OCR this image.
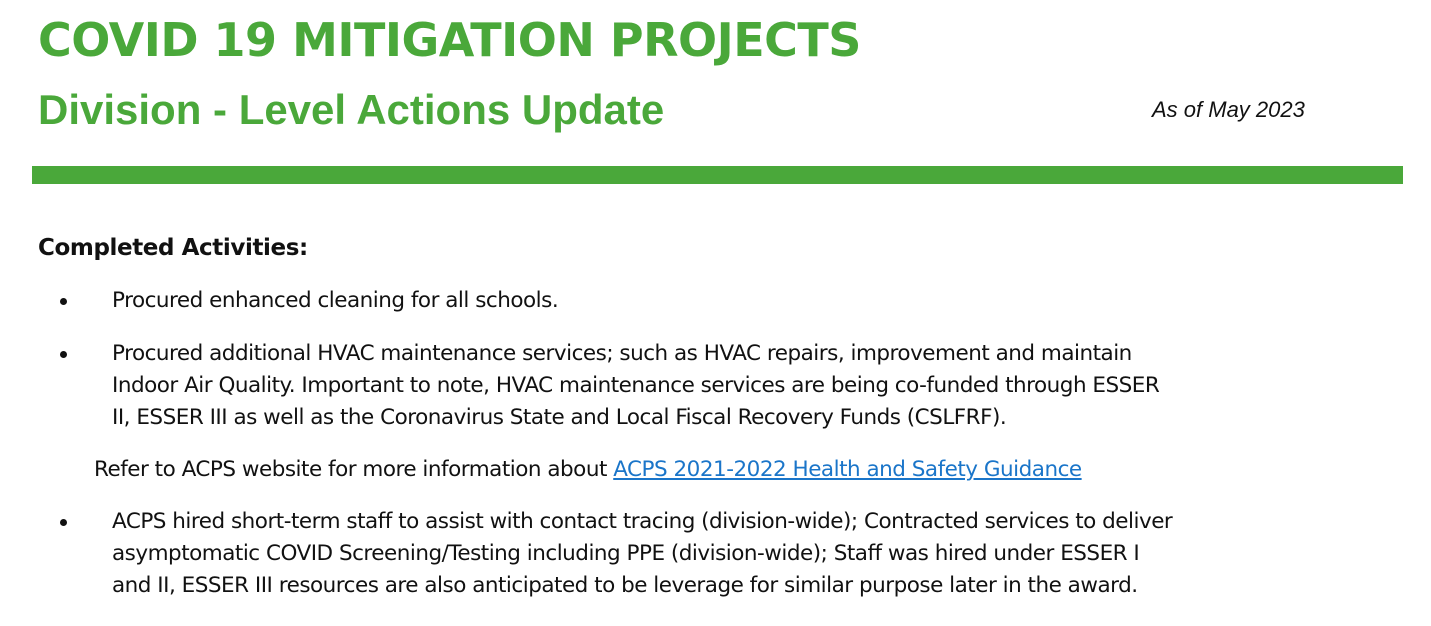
COVID 19 MITIGATION PROJECTS
Division - Level Actions Update	As of May 2023
Completed Activities:

Procured enhanced cleaning for all schools.

Procured additional HVAC maintenance services; such as HVAC repairs, improvement and maintain
Indoor Air Quality. Important to note, HVAC maintenance services are being co-funded through ESSER
II, ESSER III as well as the Coronavirus State and Local Fiscal Recovery Funds (CSLFRF).

Refer to ACPS website for more information about ACPS 2021-2022 Health and Safety Guidance

ACPS hired short-term staff to assist with contact tracing (division-wide); Contracted services to deliver
asymptomatic COVID Screening/Testing including PPE (division-wide); Staff was hired under ESSER I
and II, ESSER III resources are also anticipated to be leverage for similar purpose later in the award.
